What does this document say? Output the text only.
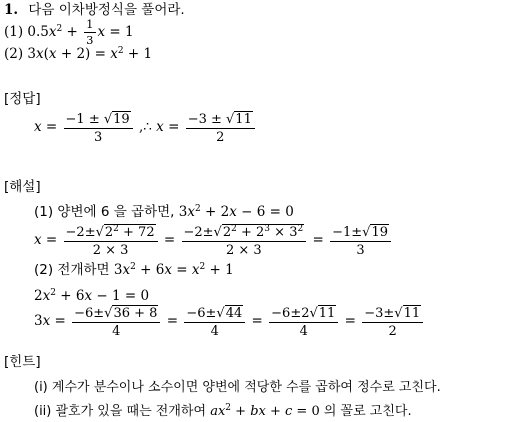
1. 다음 이차방정식을 풀어라.
(1) $0.5x^2 + \frac{1}{3}$ x = 1
(2) $3x(x + 2) = x^2 + 1$
[정답]
$x = \frac{-1 \pm √19}{3}$ ,∴ $x = \frac{-3 \pm √11}{2}$
[해설]
(1) 양변에 6 을 곱하면, $3x^2 + 2x - 6 = 0$
$x = \frac{-2\pm√2^2 + 72}{2 \times 3} = \frac{-2\pm√2^2 + 2^3 \times 3^2}{2 \times 3} = \frac{-1\pm√19}{3}$
(2) 전개하면 $3x^2 + 6x = x^2 + 1$
$2x^2 + 6x - 1 = 0$
$3x = \frac{-6\pm√36 + 8}{4} = \frac{-6\pm√44}{4} = \frac{-6\pm 2√11}{4} = \frac{-3\pm√11}{2}$
[힌트]
(i) 계수가 분수이나 소수이면 양변에 적당한 수를 곱하여 정수로 고친다.
(ii) 괄호가 있을 때는 전개하여 $ax^2$ + bx + c = 0 의 꼴로 고친다.
